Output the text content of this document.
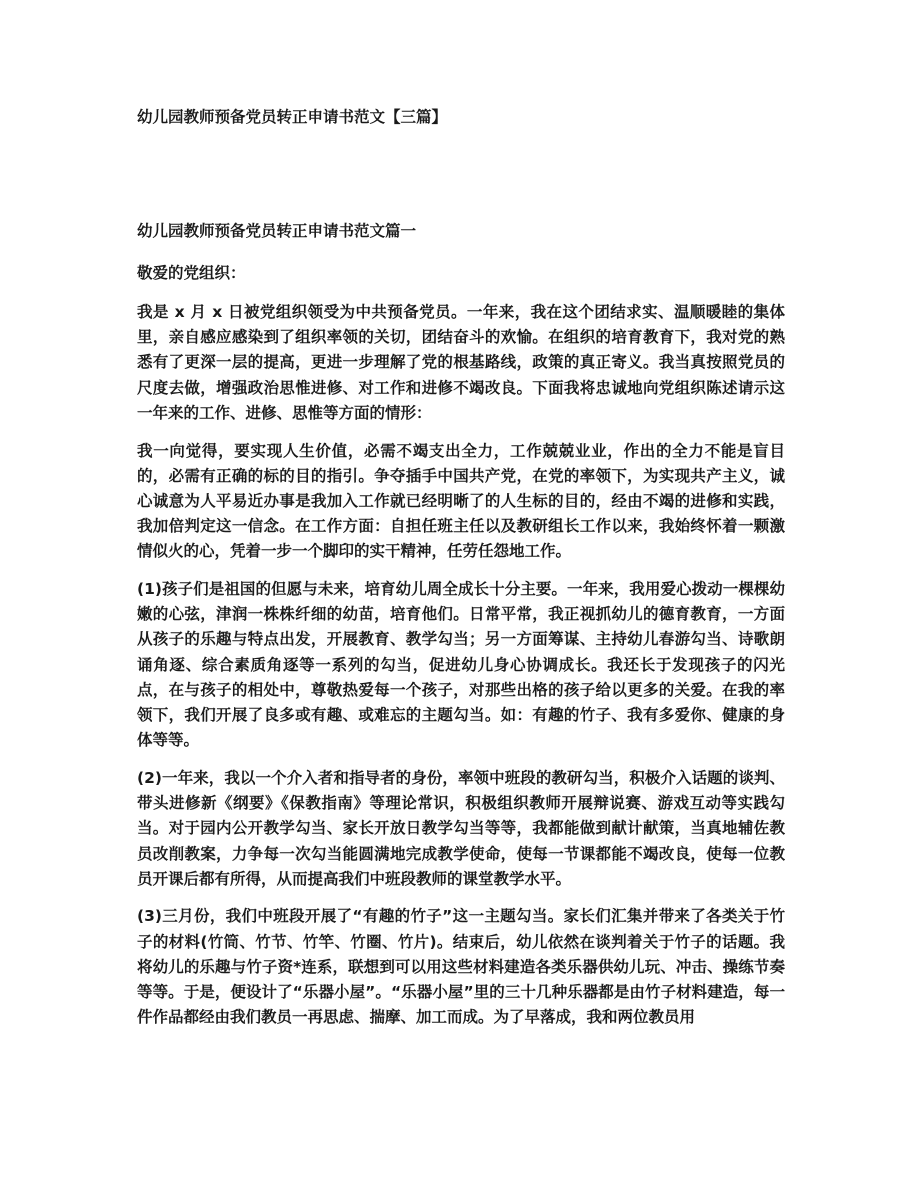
幼儿园教师预备党员转正申请书范文【三篇】
幼儿园教师预备党员转正申请书范文篇一

敬爱的党组织：

我是 x 月 x 日被党组织领受为中共预备党员。一年来，我在这个团结求实、温顺暖睦的集体里，亲自感应感染到了组织率领的关切，团结奋斗的欢愉。在组织的培育教育下，我对党的熟悉有了更深一层的提高，更进一步理解了党的根基路线，政策的真正寄义。我当真按照党员的尺度去做，增强政治思惟进修、对工作和进修不竭改良。下面我将忠诚地向党组织陈述请示这一年来的工作、进修、思惟等方面的情形：

我一向觉得，要实现人生价值，必需不竭支出全力，工作兢兢业业，作出的全力不能是盲目的，必需有正确的标的目的指引。争夺插手中国共产党，在党的率领下，为实现共产主义，诚心诚意为人平易近办事是我加入工作就已经明晰了的人生标的目的，经由不竭的进修和实践，我加倍判定这一信念。在工作方面：自担任班主任以及教研组长工作以来，我始终怀着一颗激情似火的心，凭着一步一个脚印的实干精神，任劳任怨地工作。

(1)孩子们是祖国的但愿与未来，培育幼儿周全成长十分主要。一年来，我用爱心拨动一棵棵幼嫩的心弦，津润一株株纤细的幼苗，培育他们。日常平常，我正视抓幼儿的德育教育，一方面从孩子的乐趣与特点出发，开展教育、教学勾当；另一方面筹谋、主持幼儿春游勾当、诗歌朗诵角逐、综合素质角逐等一系列的勾当，促进幼儿身心协调成长。我还长于发现孩子的闪光点，在与孩子的相处中，尊敬热爱每一个孩子，对那些出格的孩子给以更多的关爱。在我的率领下，我们开展了良多或有趣、或难忘的主题勾当。如：有趣的竹子、我有多爱你、健康的身体等等。

(2)一年来，我以一个介入者和指导者的身份，率领中班段的教研勾当，积极介入话题的谈判、带头进修新《纲要》《保教指南》等理论常识，积极组织教师开展辩说赛、游戏互动等实践勾当。对于园内公开教学勾当、家长开放日教学勾当等等，我都能做到献计献策，当真地辅佐教员改削教案，力争每一次勾当能圆满地完成教学使命，使每一节课都能不竭改良，使每一位教员开课后都有所得，从而提高我们中班段教师的课堂教学水平。

(3)三月份，我们中班段开展了“有趣的竹子”这一主题勾当。家长们汇集并带来了各类关于竹子的材料(竹筒、竹节、竹竿、竹圈、竹片)。结束后，幼儿依然在谈判着关于竹子的话题。我将幼儿的乐趣与竹子资*连系，联想到可以用这些材料建造各类乐器供幼儿玩、冲击、操练节奏等等。于是，便设计了“乐器小屋”。“乐器小屋”里的三十几种乐器都是由竹子材料建造，每一件作品都经由我们教员一再思虑、揣摩、加工而成。为了早落成，我和两位教员用
